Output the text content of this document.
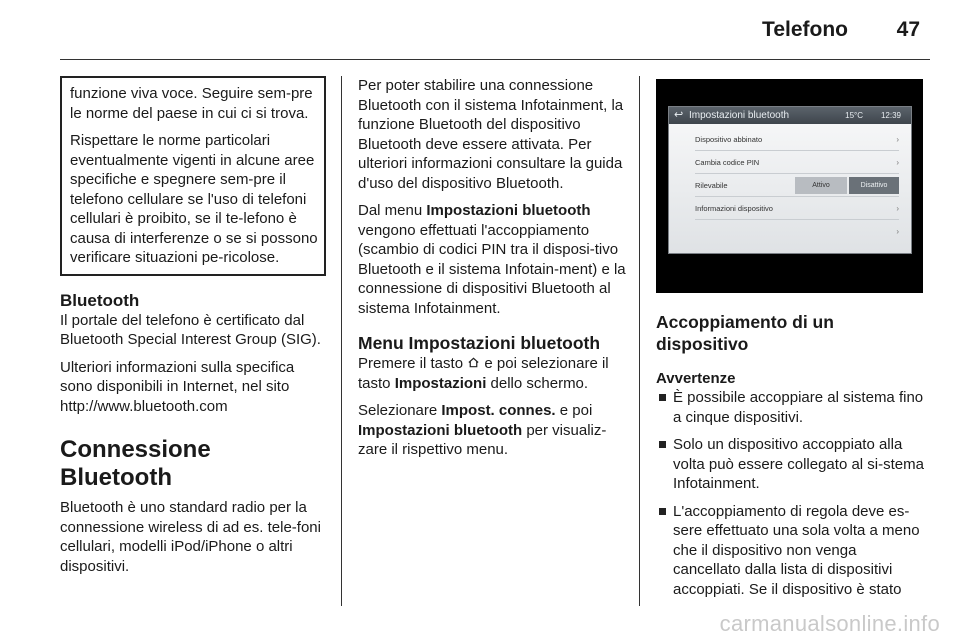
Telefono 47

funzione viva voce. Seguire sem-pre le norme del paese in cui ci si trova.

Rispettare le norme particolari eventualmente vigenti in alcune aree specifiche e spegnere sem-pre il telefono cellulare se l'uso di telefoni cellulari è proibito, se il te-lefono è causa di interferenze o se si possono verificare situazioni pe-ricolose.

Bluetooth

Il portale del telefono è certificato dal Bluetooth Special Interest Group (SIG).

Ulteriori informazioni sulla specifica sono disponibili in Internet, nel sito http://www.bluetooth.com

Connessione Bluetooth

Bluetooth è uno standard radio per la connessione wireless di ad es. tele-foni cellulari, modelli iPod/iPhone o altri dispositivi.

Per poter stabilire una connessione Bluetooth con il sistema Infotainment, la funzione Bluetooth del dispositivo Bluetooth deve essere attivata. Per ulteriori informazioni consultare la guida d'uso del dispositivo Bluetooth.

Dal menu Impostazioni bluetooth vengono effettuati l'accoppiamento (scambio di codici PIN tra il disposi-tivo Bluetooth e il sistema Infotain-ment) e la connessione di dispositivi Bluetooth al sistema Infotainment.

Menu Impostazioni bluetooth

Premere il tasto  e poi selezionare il tasto Impostazioni dello schermo.

Selezionare Impost. connes. e poi Impostazioni bluetooth per visualiz-zare il rispettivo menu.

↩ Impostazioni bluetooth	15°C 12:39
Dispositivo abbinato	›
Cambia codice PIN	›
Rilevabile	Attivo	Disattivo
Informazioni dispositivo	›
›
Accoppiamento di un dispositivo
Avvertenze
È possibile accoppiare al sistema fino a cinque dispositivi.
Solo un dispositivo accoppiato alla volta può essere collegato al si-stema Infotainment.
L'accoppiamento di regola deve es-sere effettuato una sola volta a meno che il dispositivo non venga cancellato dalla lista di dispositivi accoppiati. Se il dispositivo è stato
carmanualsonline.info
